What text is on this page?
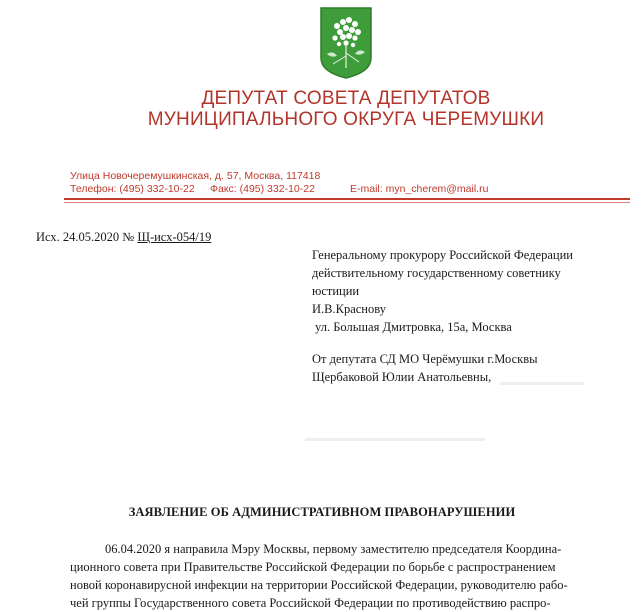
ДЕПУТАТ СОВЕТА ДЕПУТАТОВ
МУНИЦИПАЛЬНОГО ОКРУГА ЧЕРЕМУШКИ
Улица Новочеремушкинская, д. 57, Москва, 117418
Телефон: (495) 332-10-22 Факс: (495) 332-10-22	E-mail: myn_cherem@mail.ru
Исх. 24.05.2020 № Щ-исх-054/19
Генеральному прокурору Российской Федерации
действительному государственному советнику
юстиции
И.В.Краснову
ул. Большая Дмитровка, 15а, Москва
От депутата СД МО Черёмушки г.Москвы
Щербаковой Юлии Анатольевны,
ЗАЯВЛЕНИЕ ОБ АДМИНИСТРАТИВНОМ ПРАВОНАРУШЕНИИ
06.04.2020 я направила Мэру Москвы, первому заместителю председателя Координа-
ционного совета при Правительстве Российской Федерации по борьбе с распространением
новой коронавирусной инфекции на территории Российской Федерации, руководителю рабо-
чей группы Государственного совета Российской Федерации по противодействию распро-
